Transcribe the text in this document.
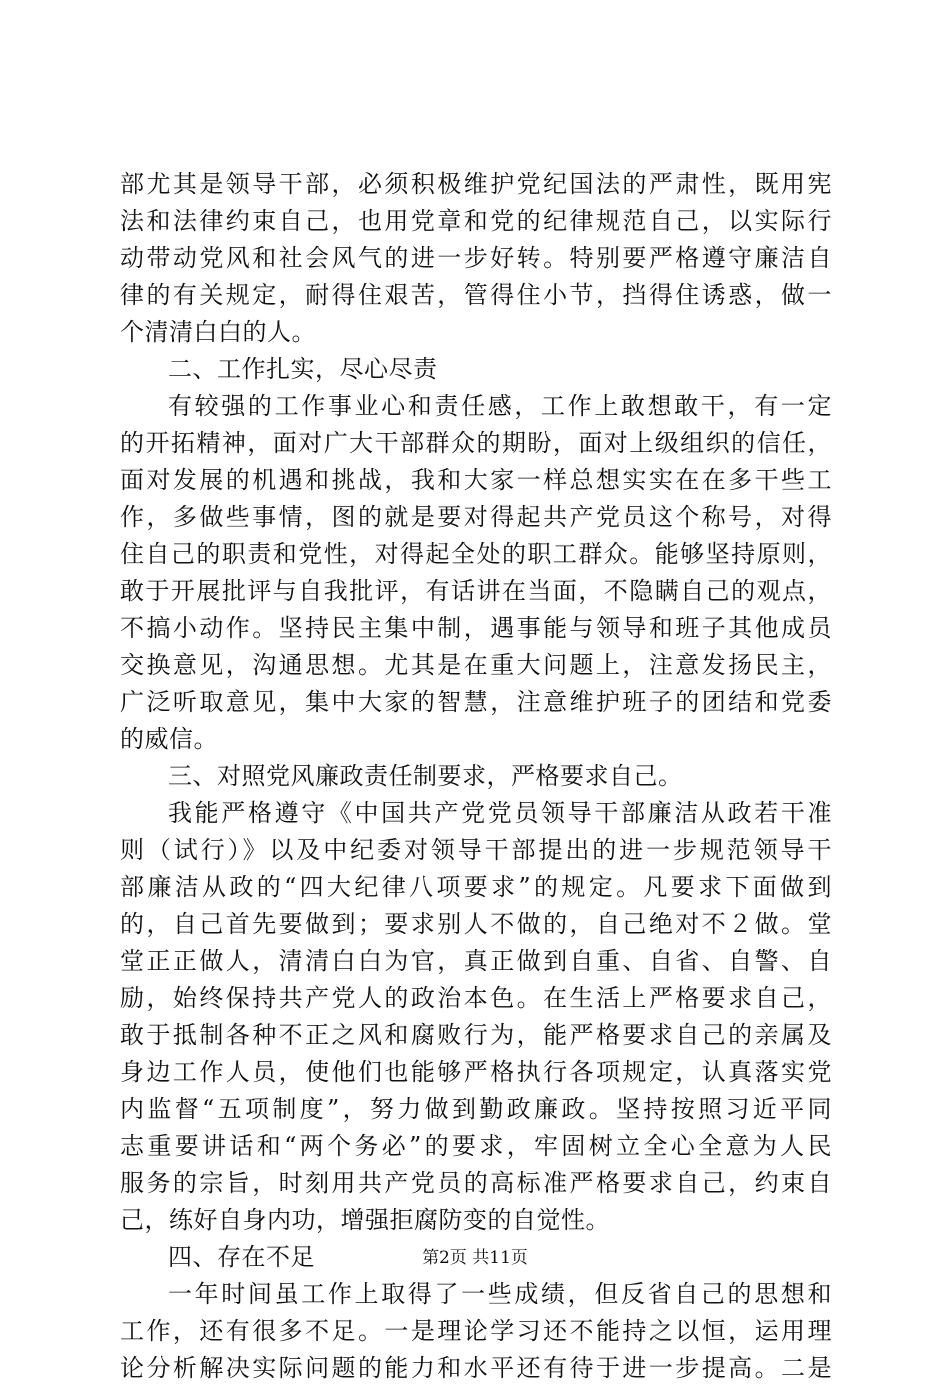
部尤其是领导干部，必须积极维护党纪国法的严肃性，既用宪
法和法律约束自己，也用党章和党的纪律规范自己，以实际行
动带动党风和社会风气的进一步好转。特别要严格遵守廉洁自
律的有关规定，耐得住艰苦，管得住小节，挡得住诱惑，做一
个清清白白的人。
二、工作扎实，尽心尽责
有较强的工作事业心和责任感，工作上敢想敢干，有一定
的开拓精神，面对广大干部群众的期盼，面对上级组织的信任，
面对发展的机遇和挑战，我和大家一样总想实实在在多干些工
作，多做些事情，图的就是要对得起共产党员这个称号，对得
住自己的职责和党性，对得起全处的职工群众。能够坚持原则，
敢于开展批评与自我批评，有话讲在当面，不隐瞒自己的观点，
不搞小动作。坚持民主集中制，遇事能与领导和班子其他成员
交换意见，沟通思想。尤其是在重大问题上，注意发扬民主，
广泛听取意见，集中大家的智慧，注意维护班子的团结和党委
的威信。
三、对照党风廉政责任制要求，严格要求自己。
我能严格遵守《中国共产党党员领导干部廉洁从政若干准
则（试行）》以及中纪委对领导干部提出的进一步规范领导干
部廉洁从政的“四大纪律八项要求”的规定。凡要求下面做到
的，自己首先要做到；要求别人不做的，自己绝对不２做。堂
堂正正做人，清清白白为官，真正做到自重、自省、自警、自
励，始终保持共产党人的政治本色。在生活上严格要求自己，
敢于抵制各种不正之风和腐败行为，能严格要求自己的亲属及
身边工作人员，使他们也能够严格执行各项规定，认真落实党
内监督“五项制度”，努力做到勤政廉政。坚持按照习近平同
志重要讲话和“两个务必”的要求，牢固树立全心全意为人民
服务的宗旨，时刻用共产党员的高标准严格要求自己，约束自
己，练好自身内功，增强拒腐防变的自觉性。
四、存在不足
一年时间虽工作上取得了一些成绩，但反省自己的思想和
工作，还有很多不足。一是理论学习还不能持之以恒，运用理
论分析解决实际问题的能力和水平还有待于进一步提高。二是
第2页 共11页
